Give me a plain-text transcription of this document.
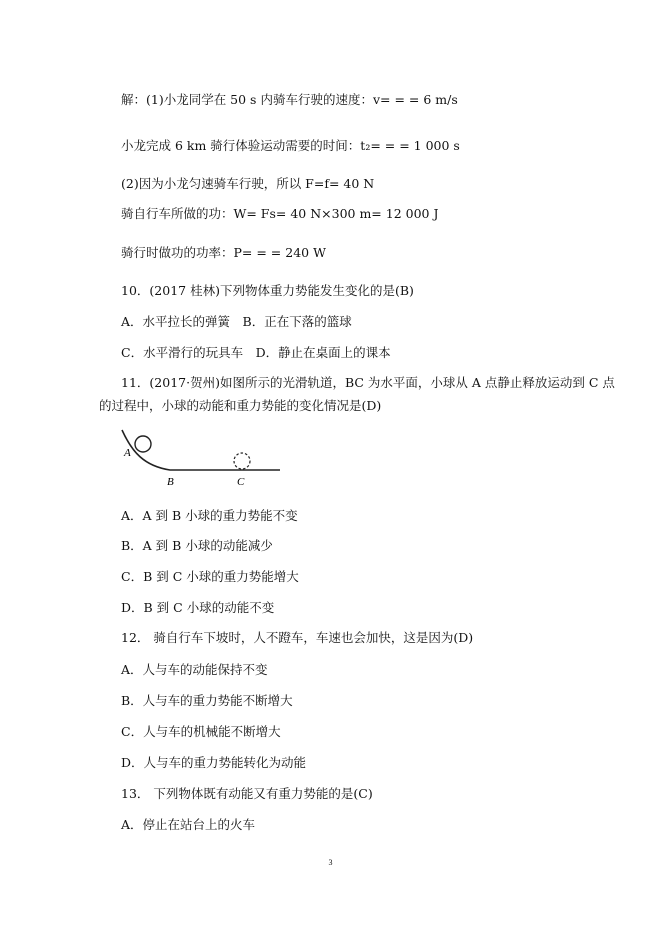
解：(1)小龙同学在 50 s 内骑车行驶的速度：v= = = 6 m/s
小龙完成 6 km 骑行体验运动需要的时间：t₂= = = 1 000 s
(2)因为小龙匀速骑车行驶，所以 F=f= 40 N
骑自行车所做的功：W= Fs= 40 N×300 m= 12 000 J
骑行时做功的功率：P= = = 240 W
10．(2017 桂林)下列物体重力势能发生变化的是(B)
A．水平拉长的弹簧　B．正在下落的篮球
C．水平滑行的玩具车　D．静止在桌面上的课本
11．(2017·贺州)如图所示的光滑轨道，BC 为水平面，小球从 A 点静止释放运动到 C 点
的过程中，小球的动能和重力势能的变化情况是(D)
A
B	C
A．A 到 B 小球的重力势能不变
B．A 到 B 小球的动能减少
C．B 到 C 小球的重力势能增大
D．B 到 C 小球的动能不变
12． 骑自行车下坡时，人不蹬车，车速也会加快，这是因为(D)
A．人与车的动能保持不变
B．人与车的重力势能不断增大
C．人与车的机械能不断增大
D．人与车的重力势能转化为动能
13． 下列物体既有动能又有重力势能的是(C)
A．停止在站台上的火车
3
